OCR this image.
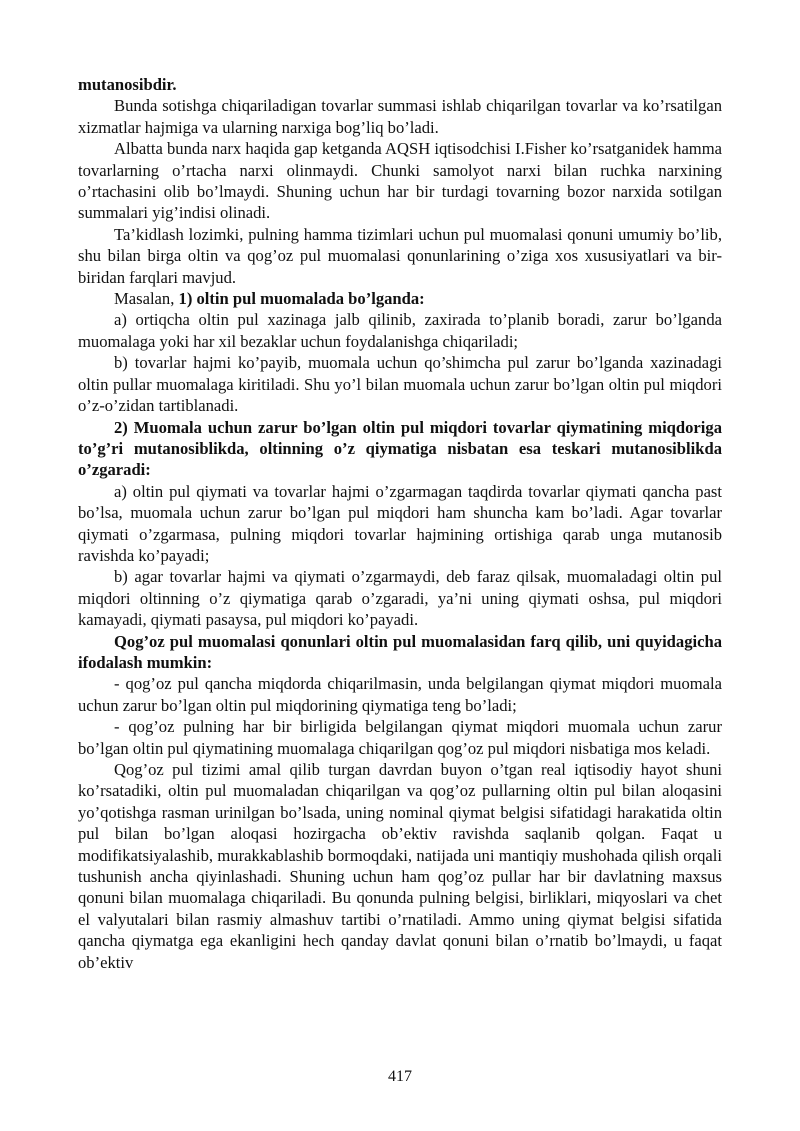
mutanosibdir.

Bunda sotishga chiqariladigan tovarlar summasi ishlab chiqarilgan tovarlar va ko’rsatilgan xizmatlar hajmiga va ularning narxiga bog’liq bo’ladi.

Albatta bunda narx haqida gap ketganda AQSH iqtisodchisi I.Fisher ko’rsatganidek hamma tovarlarning o’rtacha narxi olinmaydi. Chunki samolyot narxi bilan ruchka narxining o’rtachasini olib bo’lmaydi. Shuning uchun har bir turdagi tovarning bozor narxida sotilgan summalari yig’indisi olinadi.

Ta’kidlash lozimki, pulning hamma tizimlari uchun pul muomalasi qonuni umumiy bo’lib, shu bilan birga oltin va qog’oz pul muomalasi qonunlarining o’ziga xos xususiyatlari va bir-biridan farqlari mavjud.

Masalan, 1) oltin pul muomalada bo’lganda:

a) ortiqcha oltin pul xazinaga jalb qilinib, zaxirada to’planib boradi, zarur bo’lganda muomalaga yoki har xil bezaklar uchun foydalanishga chiqariladi;

b) tovarlar hajmi ko’payib, muomala uchun qo’shimcha pul zarur bo’lganda xazinadagi oltin pullar muomalaga kiritiladi. Shu yo’l bilan muomala uchun zarur bo’lgan oltin pul miqdori o’z-o’zidan tartiblanadi.

2) Muomala uchun zarur bo’lgan oltin pul miqdori tovarlar qiymatining miqdoriga to’g’ri mutanosiblikda, oltinning o’z qiymatiga nisbatan esa teskari mutanosiblikda o’zgaradi:

a) oltin pul qiymati va tovarlar hajmi o’zgarmagan taqdirda tovarlar qiymati qancha past bo’lsa, muomala uchun zarur bo’lgan pul miqdori ham shuncha kam bo’ladi. Agar tovarlar qiymati o’zgarmasa, pulning miqdori tovarlar hajmining ortishiga qarab unga mutanosib ravishda ko’payadi;

b) agar tovarlar hajmi va qiymati o’zgarmaydi, deb faraz qilsak, muomaladagi oltin pul miqdori oltinning o’z qiymatiga qarab o’zgaradi, ya’ni uning qiymati oshsa, pul miqdori kamayadi, qiymati pasaysa, pul miqdori ko’payadi.

Qog’oz pul muomalasi qonunlari oltin pul muomalasidan farq qilib, uni quyidagicha ifodalash mumkin:

- qog’oz pul qancha miqdorda chiqarilmasin, unda belgilangan qiymat miqdori muomala uchun zarur bo’lgan oltin pul miqdorining qiymatiga teng bo’ladi;

- qog’oz pulning har bir birligida belgilangan qiymat miqdori muomala uchun zarur bo’lgan oltin pul qiymatining muomalaga chiqarilgan qog’oz pul miqdori nisbatiga mos keladi.

Qog’oz pul tizimi amal qilib turgan davrdan buyon o’tgan real iqtisodiy hayot shuni ko’rsatadiki, oltin pul muomaladan chiqarilgan va qog’oz pullarning oltin pul bilan aloqasini yo’qotishga rasman urinilgan bo’lsada, uning nominal qiymat belgisi sifatidagi harakatida oltin pul bilan bo’lgan aloqasi hozirgacha ob’ektiv ravishda saqlanib qolgan. Faqat u modifikatsiyalashib, murakkablashib bormoqdaki, natijada uni mantiqiy mushohada qilish orqali tushunish ancha qiyinlashadi. Shuning uchun ham qog’oz pullar har bir davlatning maxsus qonuni bilan muomalaga chiqariladi. Bu qonunda pulning belgisi, birliklari, miqyoslari va chet el valyutalari bilan rasmiy almashuv tartibi o’rnatiladi. Ammo uning qiymat belgisi sifatida qancha qiymatga ega ekanligini hech qanday davlat qonuni bilan o’rnatib bo’lmaydi, u faqat ob’ektiv

417
